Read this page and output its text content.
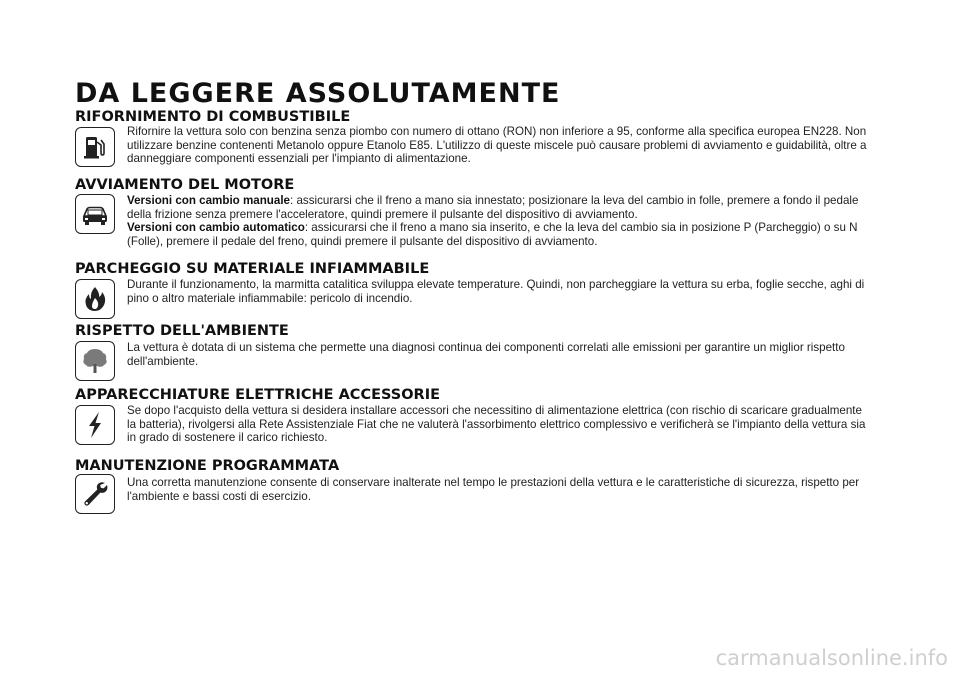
DA LEGGERE ASSOLUTAMENTE
RIFORNIMENTO DI COMBUSTIBILE

Rifornire la vettura solo con benzina senza piombo con numero di ottano (RON) non inferiore a 95, conforme alla specifica europea EN228. Non utilizzare benzine contenenti Metanolo oppure Etanolo E85. L'utilizzo di queste miscele può causare problemi di avviamento e guidabilità, oltre a danneggiare componenti essenziali per l'impianto di alimentazione.

AVVIAMENTO DEL MOTORE

Versioni con cambio manuale: assicurarsi che il freno a mano sia innestato; posizionare la leva del cambio in folle, premere a fondo il pedale della frizione senza premere l'acceleratore, quindi premere il pulsante del dispositivo di avviamento.

Versioni con cambio automatico: assicurarsi che il freno a mano sia inserito, e che la leva del cambio sia in posizione P (Parcheggio) o su N (Folle), premere il pedale del freno, quindi premere il pulsante del dispositivo di avviamento.

PARCHEGGIO SU MATERIALE INFIAMMABILE

Durante il funzionamento, la marmitta catalitica sviluppa elevate temperature. Quindi, non parcheggiare la vettura su erba, foglie secche, aghi di pino o altro materiale infiammabile: pericolo di incendio.

RISPETTO DELL'AMBIENTE

La vettura è dotata di un sistema che permette una diagnosi continua dei componenti correlati alle emissioni per garantire un miglior rispetto dell'ambiente.

APPARECCHIATURE ELETTRICHE ACCESSORIE

Se dopo l'acquisto della vettura si desidera installare accessori che necessitino di alimentazione elettrica (con rischio di scaricare gradualmente la batteria), rivolgersi alla Rete Assistenziale Fiat che ne valuterà l'assorbimento elettrico complessivo e verificherà se l'impianto della vettura sia in grado di sostenere il carico richiesto.

MANUTENZIONE PROGRAMMATA

Una corretta manutenzione consente di conservare inalterate nel tempo le prestazioni della vettura e le caratteristiche di sicurezza, rispetto per l'ambiente e bassi costi di esercizio.

carmanualsonline.info
